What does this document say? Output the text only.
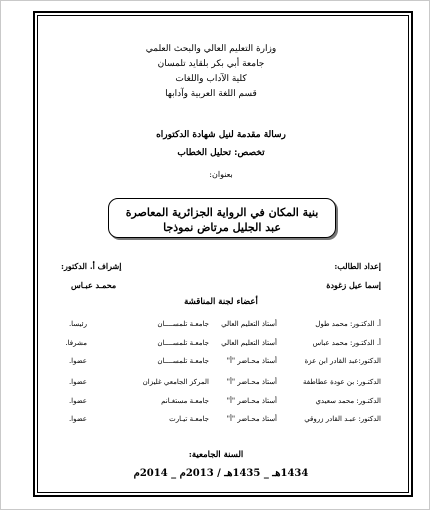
وزارة التعليم العالي والبحث العلمي
جامعة أبي بكر بلقايد تلمسان
كلية الآداب واللغات
قسم اللغة العربية وآدابها
رسالة مقدمة لنيل شهادة الدكتوراه
تخصص: تحليل الخطاب
بعنوان:
بنية المكان في الرواية الجزائرية المعاصرة
عبد الجليل مرتاض نموذجا
إعداد الطالب:
إشراف أ. الدكتور:
إسما عيل زغودة
محمـد عبـاس
أعضاء لجنة المناقشة
أ. الدكتـور: محمد طول
أستاذ التعليم العالي
جامعـة تلمســــان
رئيسا.
أ. الدكتـور: محمد عباس
أستاذ التعليم العالي
جامعـة تلمســــان
مشرفا.
الدكتور:عبد القادر ابن عزة
أستاذ محـاضر "أ"
جامعـة تلمســــان
عضوا.
الدكتـور: بن عودة عطاطفة
أستاذ محـاضر "أ"
المركز الجامعي غليزان
عضوا.
الدكتـور: محمد سعيدي
أستاذ محـاضر "أ"
جامعـة مستغـانم
عضوا.
الدكتور: عبـد القادر زروقي
أستاذ محـاضر "أ"
جامعـة تيـارت
عضوا.
السنة الجامعية:
1434هـ _ 1435هـ / 2013م _ 2014م
